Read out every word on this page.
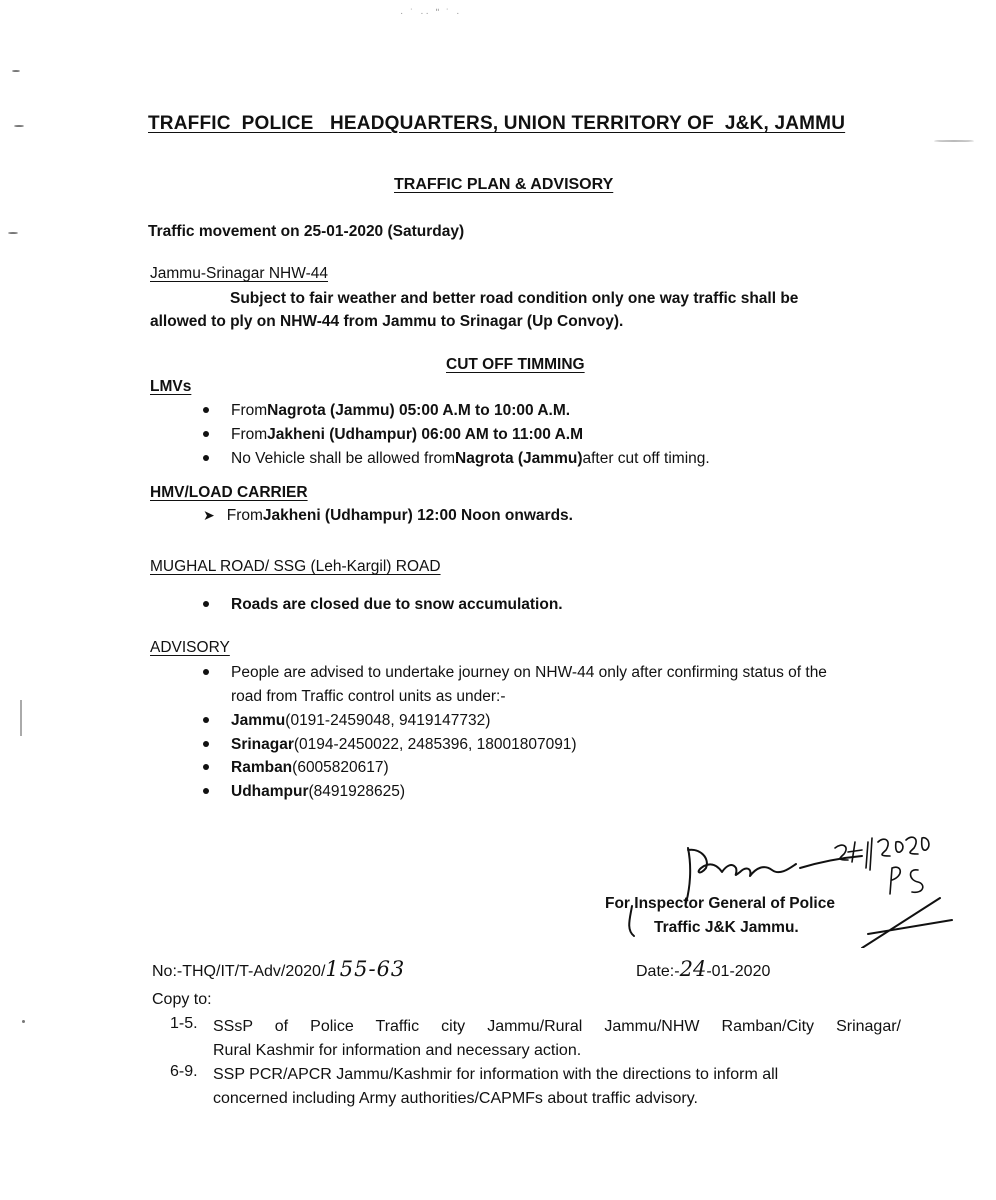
· ˙ ·· ʺ ˙ ·
TRAFFIC  POLICE   HEADQUARTERS, UNION TERRITORY OF  J&K, JAMMU
TRAFFIC PLAN & ADVISORY
Traffic movement on 25-01-2020 (Saturday)
Jammu-Srinagar NHW-44
Subject to fair weather and better road condition only one way traffic shall be
allowed to ply on NHW-44 from Jammu to Srinagar (Up Convoy).
CUT OFF TIMMING
LMVs
From Nagrota (Jammu) 05:00 A.M to 10:00 A.M.
From Jakheni (Udhampur) 06:00 AM to 11:00 A.M
No Vehicle shall be allowed from Nagrota (Jammu) after cut off timing.
HMV/LOAD CARRIER
➤ From Jakheni (Udhampur) 12:00 Noon onwards.
MUGHAL ROAD/ SSG (Leh-Kargil) ROAD
Roads are closed due to snow accumulation.
ADVISORY
People are advised to undertake journey on NHW-44 only after confirming status of the
road from Traffic control units as under:-
Jammu (0191-2459048, 9419147732)
Srinagar (0194-2450022, 2485396, 18001807091)
Ramban (6005820617)
Udhampur (8491928625)
For Inspector General of Police
Traffic J&K Jammu.
No:-THQ/IT/T-Adv/2020/155-63	Date:-24-01-2020
Copy to:
1-5. SSsP of Police Traffic city Jammu/Rural Jammu/NHW Ramban/City Srinagar/
Rural Kashmir for information and necessary action.
6-9. SSP PCR/APCR Jammu/Kashmir for information with the directions to inform all
concerned including Army authorities/CAPMFs about traffic advisory.
